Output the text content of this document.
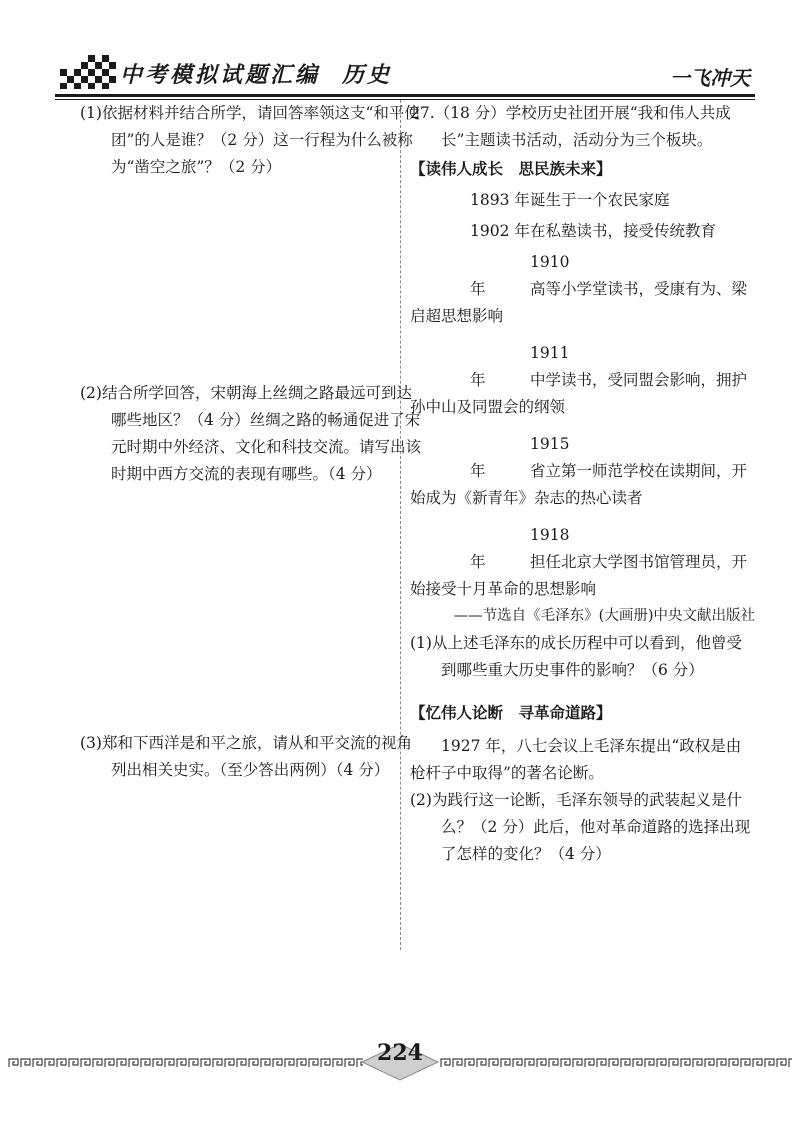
中考模拟试题汇编 历史	一飞冲天

(1)依据材料并结合所学，请回答率领这支“和平使团”的人是谁？（2 分）这一行程为什么被称为“凿空之旅”？（2 分）

(2)结合所学回答，宋朝海上丝绸之路最远可到达哪些地区？（4 分）丝绸之路的畅通促进了宋元时期中外经济、文化和科技交流。请写出该时期中西方交流的表现有哪些。（4 分）

(3)郑和下西洋是和平之旅，请从和平交流的视角列出相关史实。（至少答出两例）（4 分）

27.（18 分）学校历史社团开展“我和伟人共成长”主题读书活动，活动分为三个板块。

【读伟人成长　思民族未来】

1893 年诞生于一个农民家庭

1902 年在私塾读书，接受传统教育

1910 年	高等小学堂读书，受康有为、梁启超思想影响

1911 年	中学读书，受同盟会影响，拥护孙中山及同盟会的纲领

1915 年	省立第一师范学校在读期间，开始成为《新青年》杂志的热心读者

1918 年	担任北京大学图书馆管理员，开始接受十月革命的思想影响

——节选自《毛泽东》(大画册)中央文献出版社

(1)从上述毛泽东的成长历程中可以看到，他曾受到哪些重大历史事件的影响？（6 分）

【忆伟人论断　寻革命道路】

1927 年，八七会议上毛泽东提出“政权是由枪杆子中取得”的著名论断。

(2)为践行这一论断，毛泽东领导的武装起义是什么？（2 分）此后，他对革命道路的选择出现了怎样的变化？（4 分）

224
